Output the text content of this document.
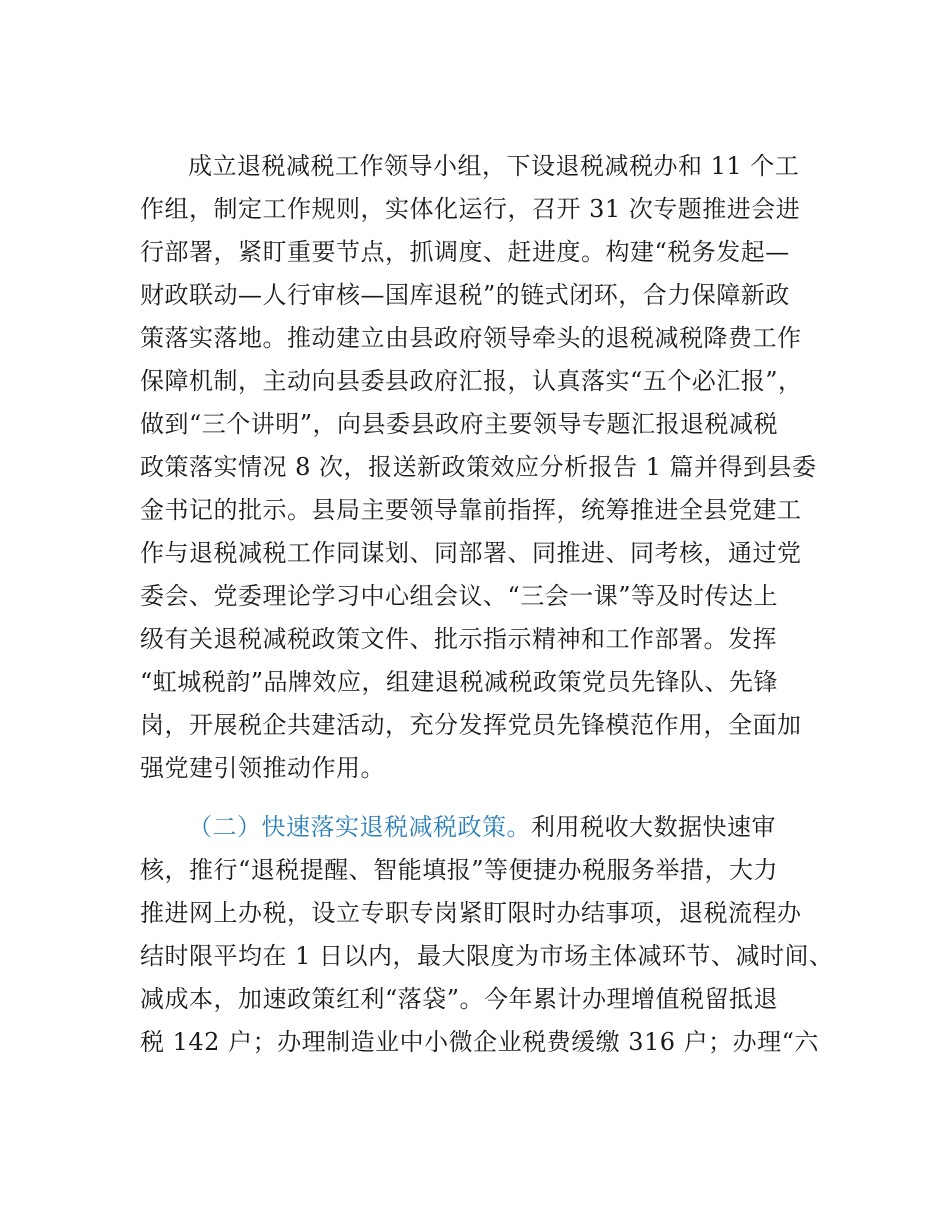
成立退税减税工作领导小组，下设退税减税办和 11 个工
作组，制定工作规则，实体化运行，召开 31 次专题推进会进
行部署，紧盯重要节点，抓调度、赶进度。构建“税务发起—
财政联动—人行审核—国库退税”的链式闭环，合力保障新政
策落实落地。推动建立由县政府领导牵头的退税减税降费工作
保障机制，主动向县委县政府汇报，认真落实“五个必汇报”，
做到“三个讲明”，向县委县政府主要领导专题汇报退税减税
政策落实情况 8 次，报送新政策效应分析报告 1 篇并得到县委
金书记的批示。县局主要领导靠前指挥，统筹推进全县党建工
作与退税减税工作同谋划、同部署、同推进、同考核，通过党
委会、党委理论学习中心组会议、“三会一课”等及时传达上
级有关退税减税政策文件、批示指示精神和工作部署。发挥
“虹城税韵”品牌效应，组建退税减税政策党员先锋队、先锋
岗，开展税企共建活动，充分发挥党员先锋模范作用，全面加
强党建引领推动作用。
（二）快速落实退税减税政策。利用税收大数据快速审
核，推行“退税提醒、智能填报”等便捷办税服务举措，大力
推进网上办税，设立专职专岗紧盯限时办结事项，退税流程办
结时限平均在 1 日以内，最大限度为市场主体减环节、减时间、
减成本，加速政策红利“落袋”。今年累计办理增值税留抵退
税 142 户；办理制造业中小微企业税费缓缴 316 户；办理“六
